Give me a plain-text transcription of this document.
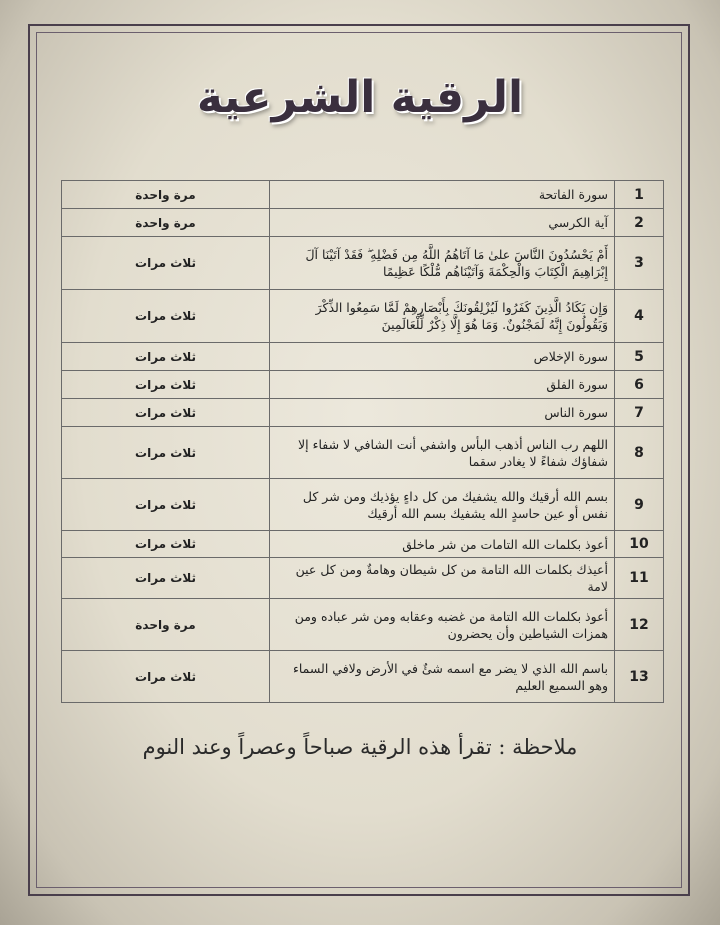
الرقية الشرعية
1	سورة الفاتحة	مرة واحدة
2	آية الكرسي	مرة واحدة
3	أَمْ يَحْسُدُونَ النَّاسَ علىٰ مَا آتَاهُمُ اللَّهُ مِن فَضْلِهِ ۖ فَقَدْ آتَيْنَا آلَ إِبْرَاهِيمَ الْكِتَابَ وَالْحِكْمَةَ وَآتَيْنَاهُم مُّلْكًا عَظِيمًا	ثلاث مرات
4	وَإِن يَكَادُ الَّذِينَ كَفَرُوا لَيُزْلِقُونَكَ بِأَبْصَارِهِمْ لَمَّا سَمِعُوا الذِّكْرَ وَيَقُولُونَ إِنَّهُ لَمَجْنُونٌ. وَمَا هُوَ إِلَّا ذِكْرٌ لِّلْعَالَمِينَ	ثلاث مرات
5	سورة الإخلاص	ثلاث مرات
6	سورة الفلق	ثلاث مرات
7	سورة الناس	ثلاث مرات
8	اللهم رب الناس أذهب البأس واشفي أنت الشافي لا شفاء إلا شفاؤك شفاءً لا يغادر سقما	ثلاث مرات
9	بسم الله أرقيك والله يشفيك من كل داءٍ يؤذيك ومن شر كل نفس أو عين حاسدٍ الله يشفيك بسم الله أرقيك	ثلاث مرات
10	أعوذ بكلمات الله التامات من شر ماخلق	ثلاث مرات
11	أعيذك بكلمات الله التامة من كل شيطان وهامةٌ ومن كل عين لامة	ثلاث مرات
12	أعوذ بكلمات الله التامة من غضبه وعقابه ومن شر عباده ومن همزات الشياطين وأن يحضرون	مرة واحدة
13	باسم الله الذي لا يضر مع اسمه شئٌ في الأرض ولافي السماء وهو السميع العليم	ثلاث مرات
ملاحظة : تقرأ هذه الرقية صباحاً وعصراً وعند النوم
